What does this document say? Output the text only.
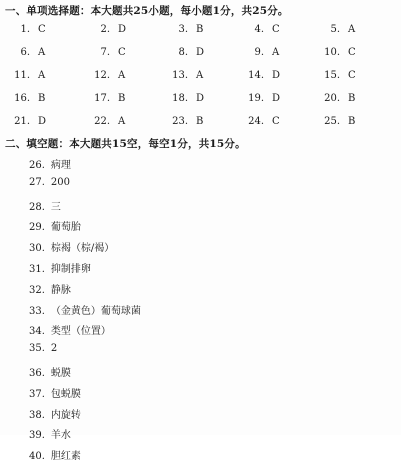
一、单项选择题：本大题共25小题，每小题1分，共25分。
1. C	2. D	3. B	4. C	5. A
6. A	7. C	8. D	9. A	10. C
11. A	12. A	13. A	14. D	15. C
16. B	17. B	18. D	19. D	20. B
21. D	22. A	23. B	24. C	25. B
二、填空题：本大题共15空，每空1分，共15分。
26. 病理
27. 200
28. 三
29. 葡萄胎
30. 棕褐（棕/褐）
31. 抑制排卵
32. 静脉
33. （金黄色）葡萄球菌
34. 类型（位置）
35. 2
36. 蜕膜
37. 包蜕膜
38. 内旋转
39. 羊水
40. 胆红素
